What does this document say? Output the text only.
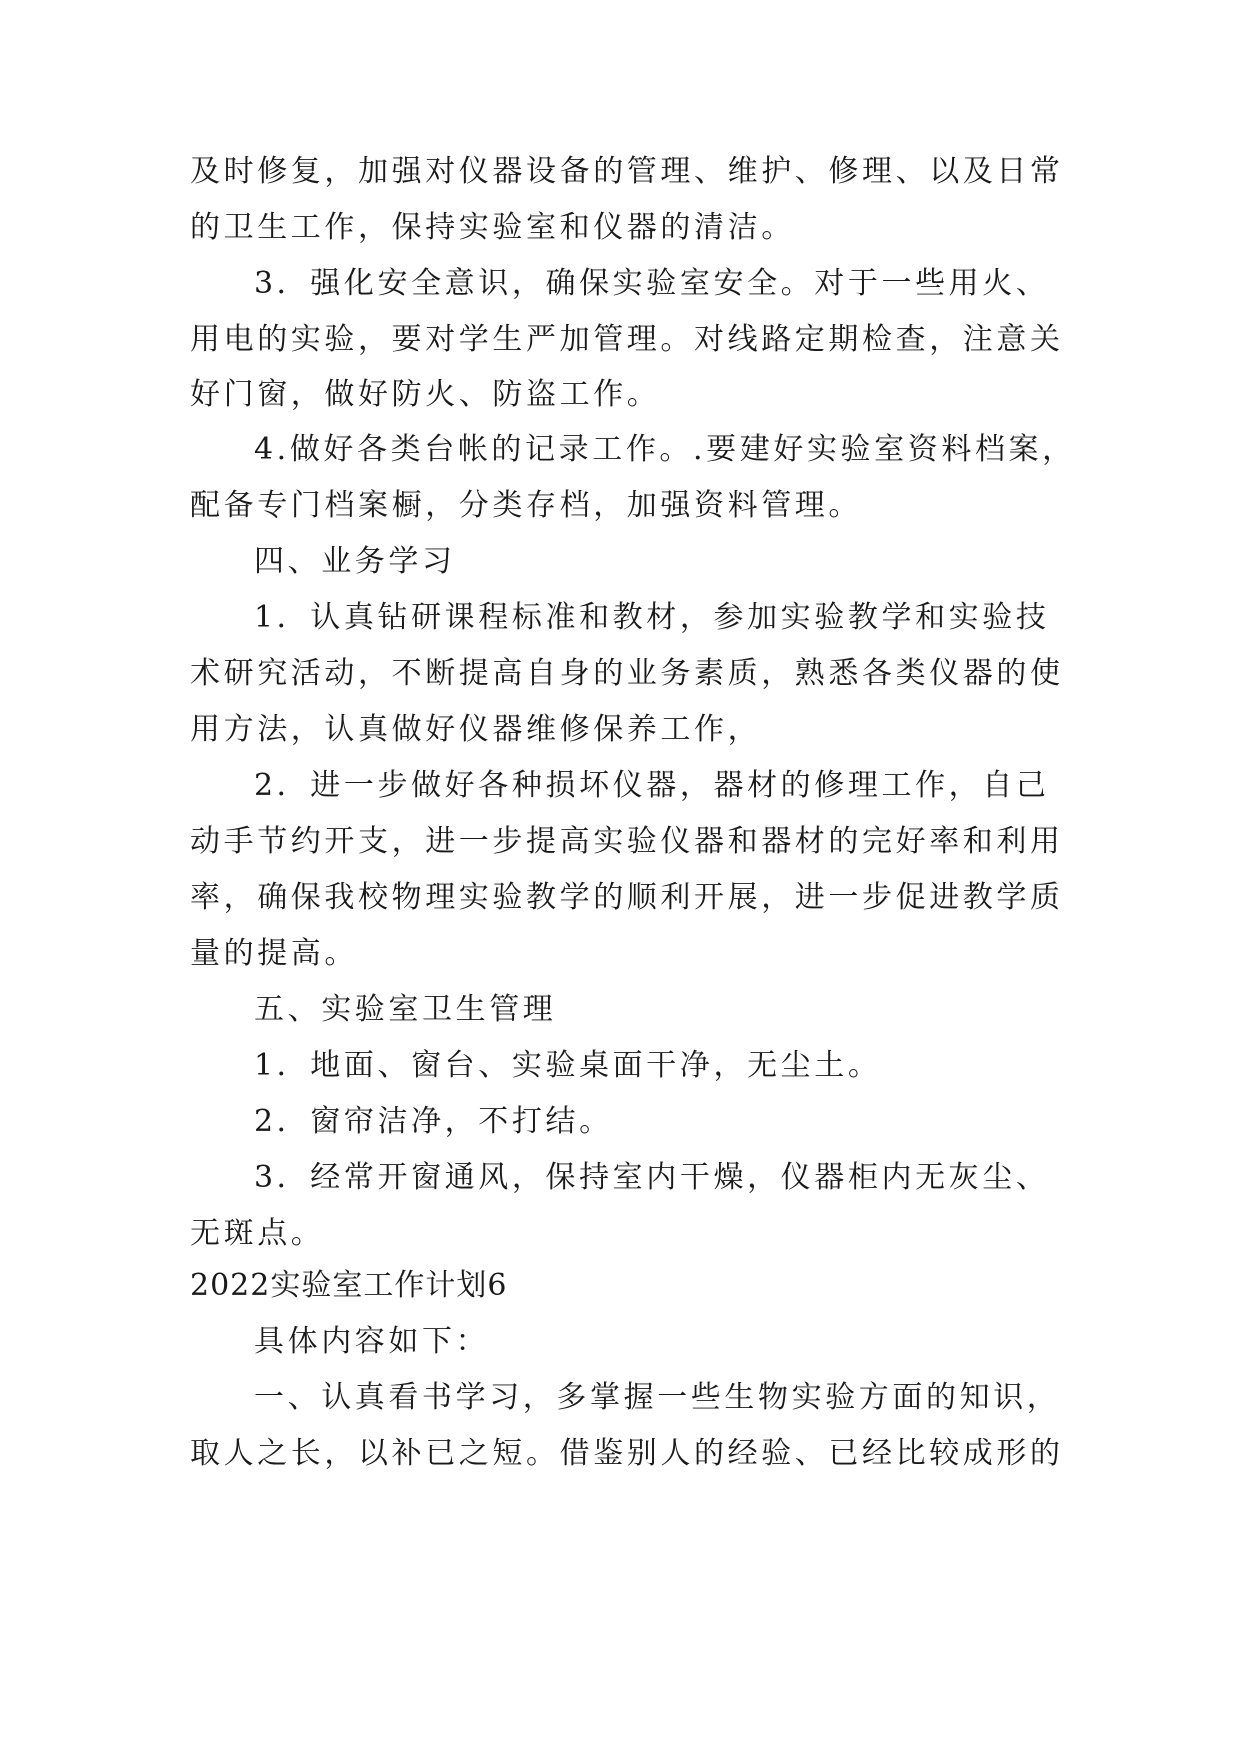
及时修复，加强对仪器设备的管理、维护、修理、以及日常
的卫生工作，保持实验室和仪器的清洁。
3．强化安全意识，确保实验室安全。对于一些用火、
用电的实验，要对学生严加管理。对线路定期检查，注意关
好门窗，做好防火、防盗工作。
4.做好各类台帐的记录工作。.要建好实验室资料档案，
配备专门档案橱，分类存档，加强资料管理。
四、业务学习
1．认真钻研课程标准和教材，参加实验教学和实验技
术研究活动，不断提高自身的业务素质，熟悉各类仪器的使
用方法，认真做好仪器维修保养工作，
2．进一步做好各种损坏仪器，器材的修理工作，自己
动手节约开支，进一步提高实验仪器和器材的完好率和利用
率，确保我校物理实验教学的顺利开展，进一步促进教学质
量的提高。
五、实验室卫生管理
1．地面、窗台、实验桌面干净，无尘土。
2．窗帘洁净，不打结。
3．经常开窗通风，保持室内干燥，仪器柜内无灰尘、
无斑点。
2022实验室工作计划6
具体内容如下：
一、认真看书学习，多掌握一些生物实验方面的知识，
取人之长，以补已之短。借鉴别人的经验、已经比较成形的
